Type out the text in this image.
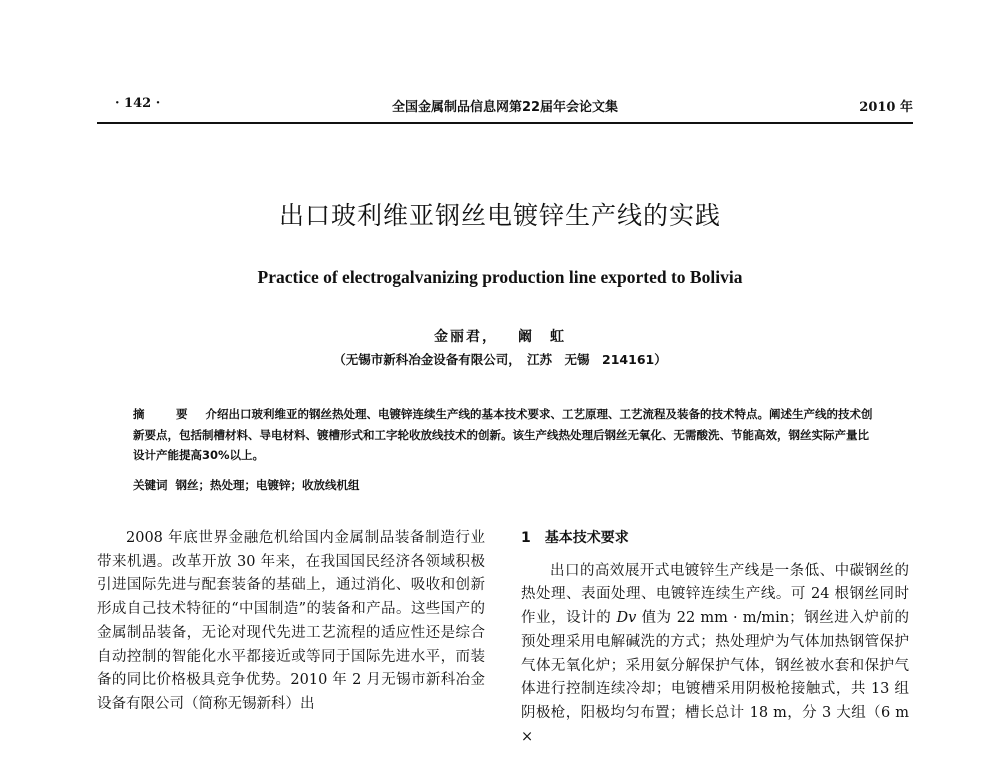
· 142 ·	全国金属制品信息网第22届年会论文集	2010 年
出口玻利维亚钢丝电镀锌生产线的实践
Practice of electrogalvanizing production line exported to Bolivia
金丽君， 阚　虹
（无锡市新科冶金设备有限公司，　江苏　无锡　214161）
摘　要 介绍出口玻利维亚的钢丝热处理、电镀锌连续生产线的基本技术要求、工艺原理、工艺流程及装备的技术特点。阐述生产线的技术创新要点，包括制槽材料、导电材料、镀槽形式和工字轮收放线技术的创新。该生产线热处理后钢丝无氧化、无需酸洗、节能高效，钢丝实际产量比设计产能提高30%以上。
关键词 钢丝；热处理；电镀锌；收放线机组

2008 年底世界金融危机给国内金属制品装备制造行业带来机遇。改革开放 30 年来，在我国国民经济各领域积极引进国际先进与配套装备的基础上，通过消化、吸收和创新形成自己技术特征的“中国制造”的装备和产品。这些国产的金属制品装备，无论对现代先进工艺流程的适应性还是综合自动控制的智能化水平都接近或等同于国际先进水平，而装备的同比价格极具竞争优势。2010 年 2 月无锡市新科冶金设备有限公司（简称无锡新科）出

1 基本技术要求

出口的高效展开式电镀锌生产线是一条低、中碳钢丝的热处理、表面处理、电镀锌连续生产线。可 24 根钢丝同时作业，设计的 Dv 值为 22 mm · m/min；钢丝进入炉前的预处理采用电解碱洗的方式；热处理炉为气体加热钢管保护气体无氧化炉；采用氨分解保护气体，钢丝被水套和保护气体进行控制连续冷却；电镀槽采用阴极枪接触式，共 13 组阴极枪，阳极均匀布置；槽长总计 18 m，分 3 大组（6 m ×
